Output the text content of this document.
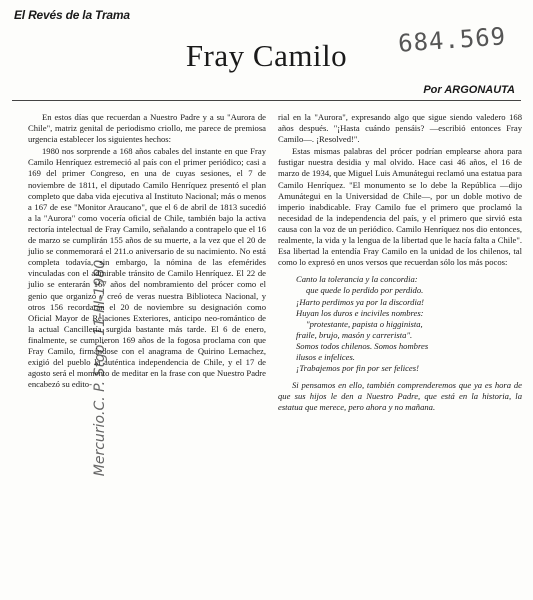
El Revés de la Trama
684.569
Fray Camilo
Por ARGONAUTA
Mercurio.C. P. Stgo. 11-III-1980

En estos días que recuerdan a Nuestro Padre y a su "Aurora de Chile", matriz genital de periodismo criollo, me parece de premiosa urgencia establecer los siguientes hechos:

1980 nos sorprende a 168 años cabales del instante en que Fray Camilo Henríquez estremeció al país con el primer periódico; casi a 169 del primer Congreso, en una de cuyas sesiones, el 7 de noviembre de 1811, el diputado Camilo Henríquez presentó el plan completo que daba vida ejecutiva al Instituto Nacional; más o menos a 167 de ese "Monitor Araucano", que el 6 de abril de 1813 sucedió a la "Aurora" como vocería oficial de Chile, también bajo la activa rectoría intelectual de Fray Camilo, señalando a contrapelo que el 16 de marzo se cumplirán 155 años de su muerte, a la vez que el 20 de julio se conmemorará el 211.o aniversario de su nacimiento. No está completa todavía, sin embargo, la nómina de las efemérides vinculadas con el admirable tránsito de Camilo Henríquez. El 22 de julio se enterarán 167 años del nombramiento del prócer como el genio que organizó y creó de veras nuestra Biblioteca Nacional, y otros 156 recordarán el 20 de noviembre su designación como Oficial Mayor de Relaciones Exteriores, anticipo neo-romántico de la actual Cancillería surgida bastante más tarde. El 6 de enero, finalmente, se cumplieron 169 años de la fogosa proclama con que Fray Camilo, firmándose con el anagrama de Quirino Lemachez, exigió del pueblo la auténtica independencia de Chile, y el 17 de agosto será el momento de meditar en la frase con que Nuestro Padre encabezó su edito-

rial en la "Aurora", expresando algo que sigue siendo valedero 168 años después. "¡Hasta cuándo pensáis? —escribió entonces Fray Camilo—. ¡Resolved!".

Estas mismas palabras del prócer podrían emplearse ahora para fustigar nuestra desidia y mal olvido. Hace casi 46 años, el 16 de marzo de 1934, que Miguel Luis Amunátegui reclamó una estatua para Camilo Henríquez. "El monumento se lo debe la República —dijo Amunátegui en la Universidad de Chile—, por un doble motivo de imperio inabdicable. Fray Camilo fue el primero que proclamó la necesidad de la independencia del país, y el primero que sirvió esta causa con la voz de un periódico. Camilo Henríquez nos dio entonces, realmente, la vida y la lengua de la libertad que le hacía falta a Chile". Esa libertad la entendía Fray Camilo en la unidad de los chilenos, tal como lo expresó en unos versos que recuerdan sólo los más pocos:

Canto la tolerancia y la concordia:
que quede lo perdido por perdido.
¡Harto perdimos ya por la discordia!
Huyan los duros e inciviles nombres:
"protestante, papista o higginista,
fraile, brujo, masón y carrerista".
Somos todos chilenos. Somos hombres
ilusos e infelices.
¡Trabajemos por fin por ser felices!

Si pensamos en ello, también comprenderemos que ya es hora de que sus hijos le den a Nuestro Padre, que está en la historia, la estatua que merece, pero ahora y no mañana.
